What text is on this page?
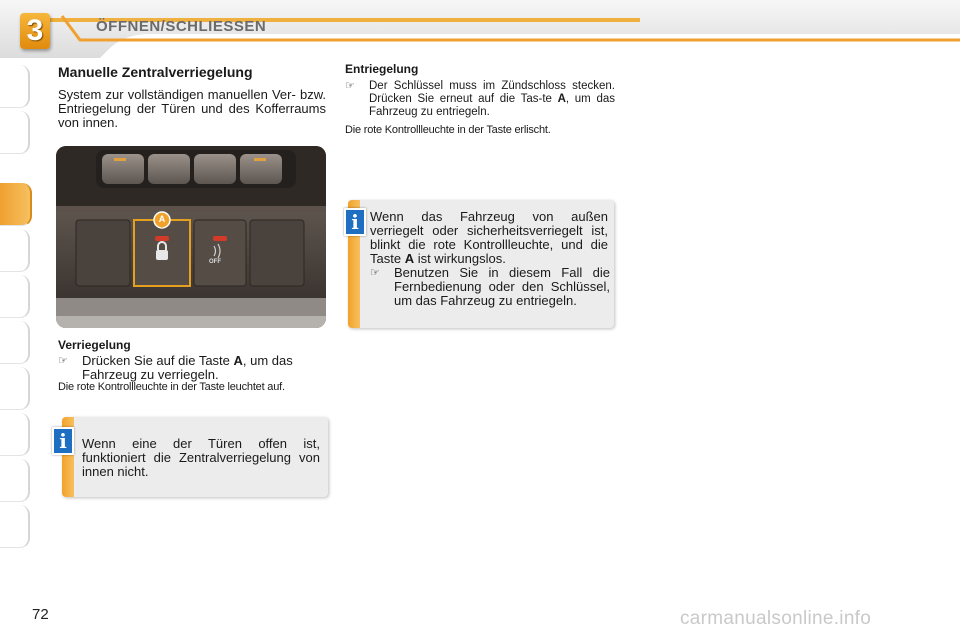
3	ÖFFNEN/SCHLIESSEN
Manuelle Zentralverriegelung
System zur vollständigen manuellen Ver- bzw. Entriegelung der Türen und des Kofferraums von innen.
A
OFF
Verriegelung
☞ Drücken Sie auf die Taste A, um das Fahrzeug zu verriegeln.
Die rote Kontrollleuchte in der Taste leuchtet auf.
Wenn eine der Türen offen ist, funktioniert die Zentralverriegelung von innen nicht.
i
Entriegelung
☞ Der Schlüssel muss im Zündschloss stecken. Drücken Sie erneut auf die Tas-te A, um das Fahrzeug zu entriegeln.
Die rote Kontrollleuchte in der Taste erlischt.
Wenn das Fahrzeug von außen verriegelt oder sicherheitsverriegelt ist, blinkt die rote Kontrollleuchte, und die Taste A ist wirkungslos.
☞ Benutzen Sie in diesem Fall die Fernbedienung oder den Schlüssel, um das Fahrzeug zu entriegeln.
i
72	carmanualsonline.info
